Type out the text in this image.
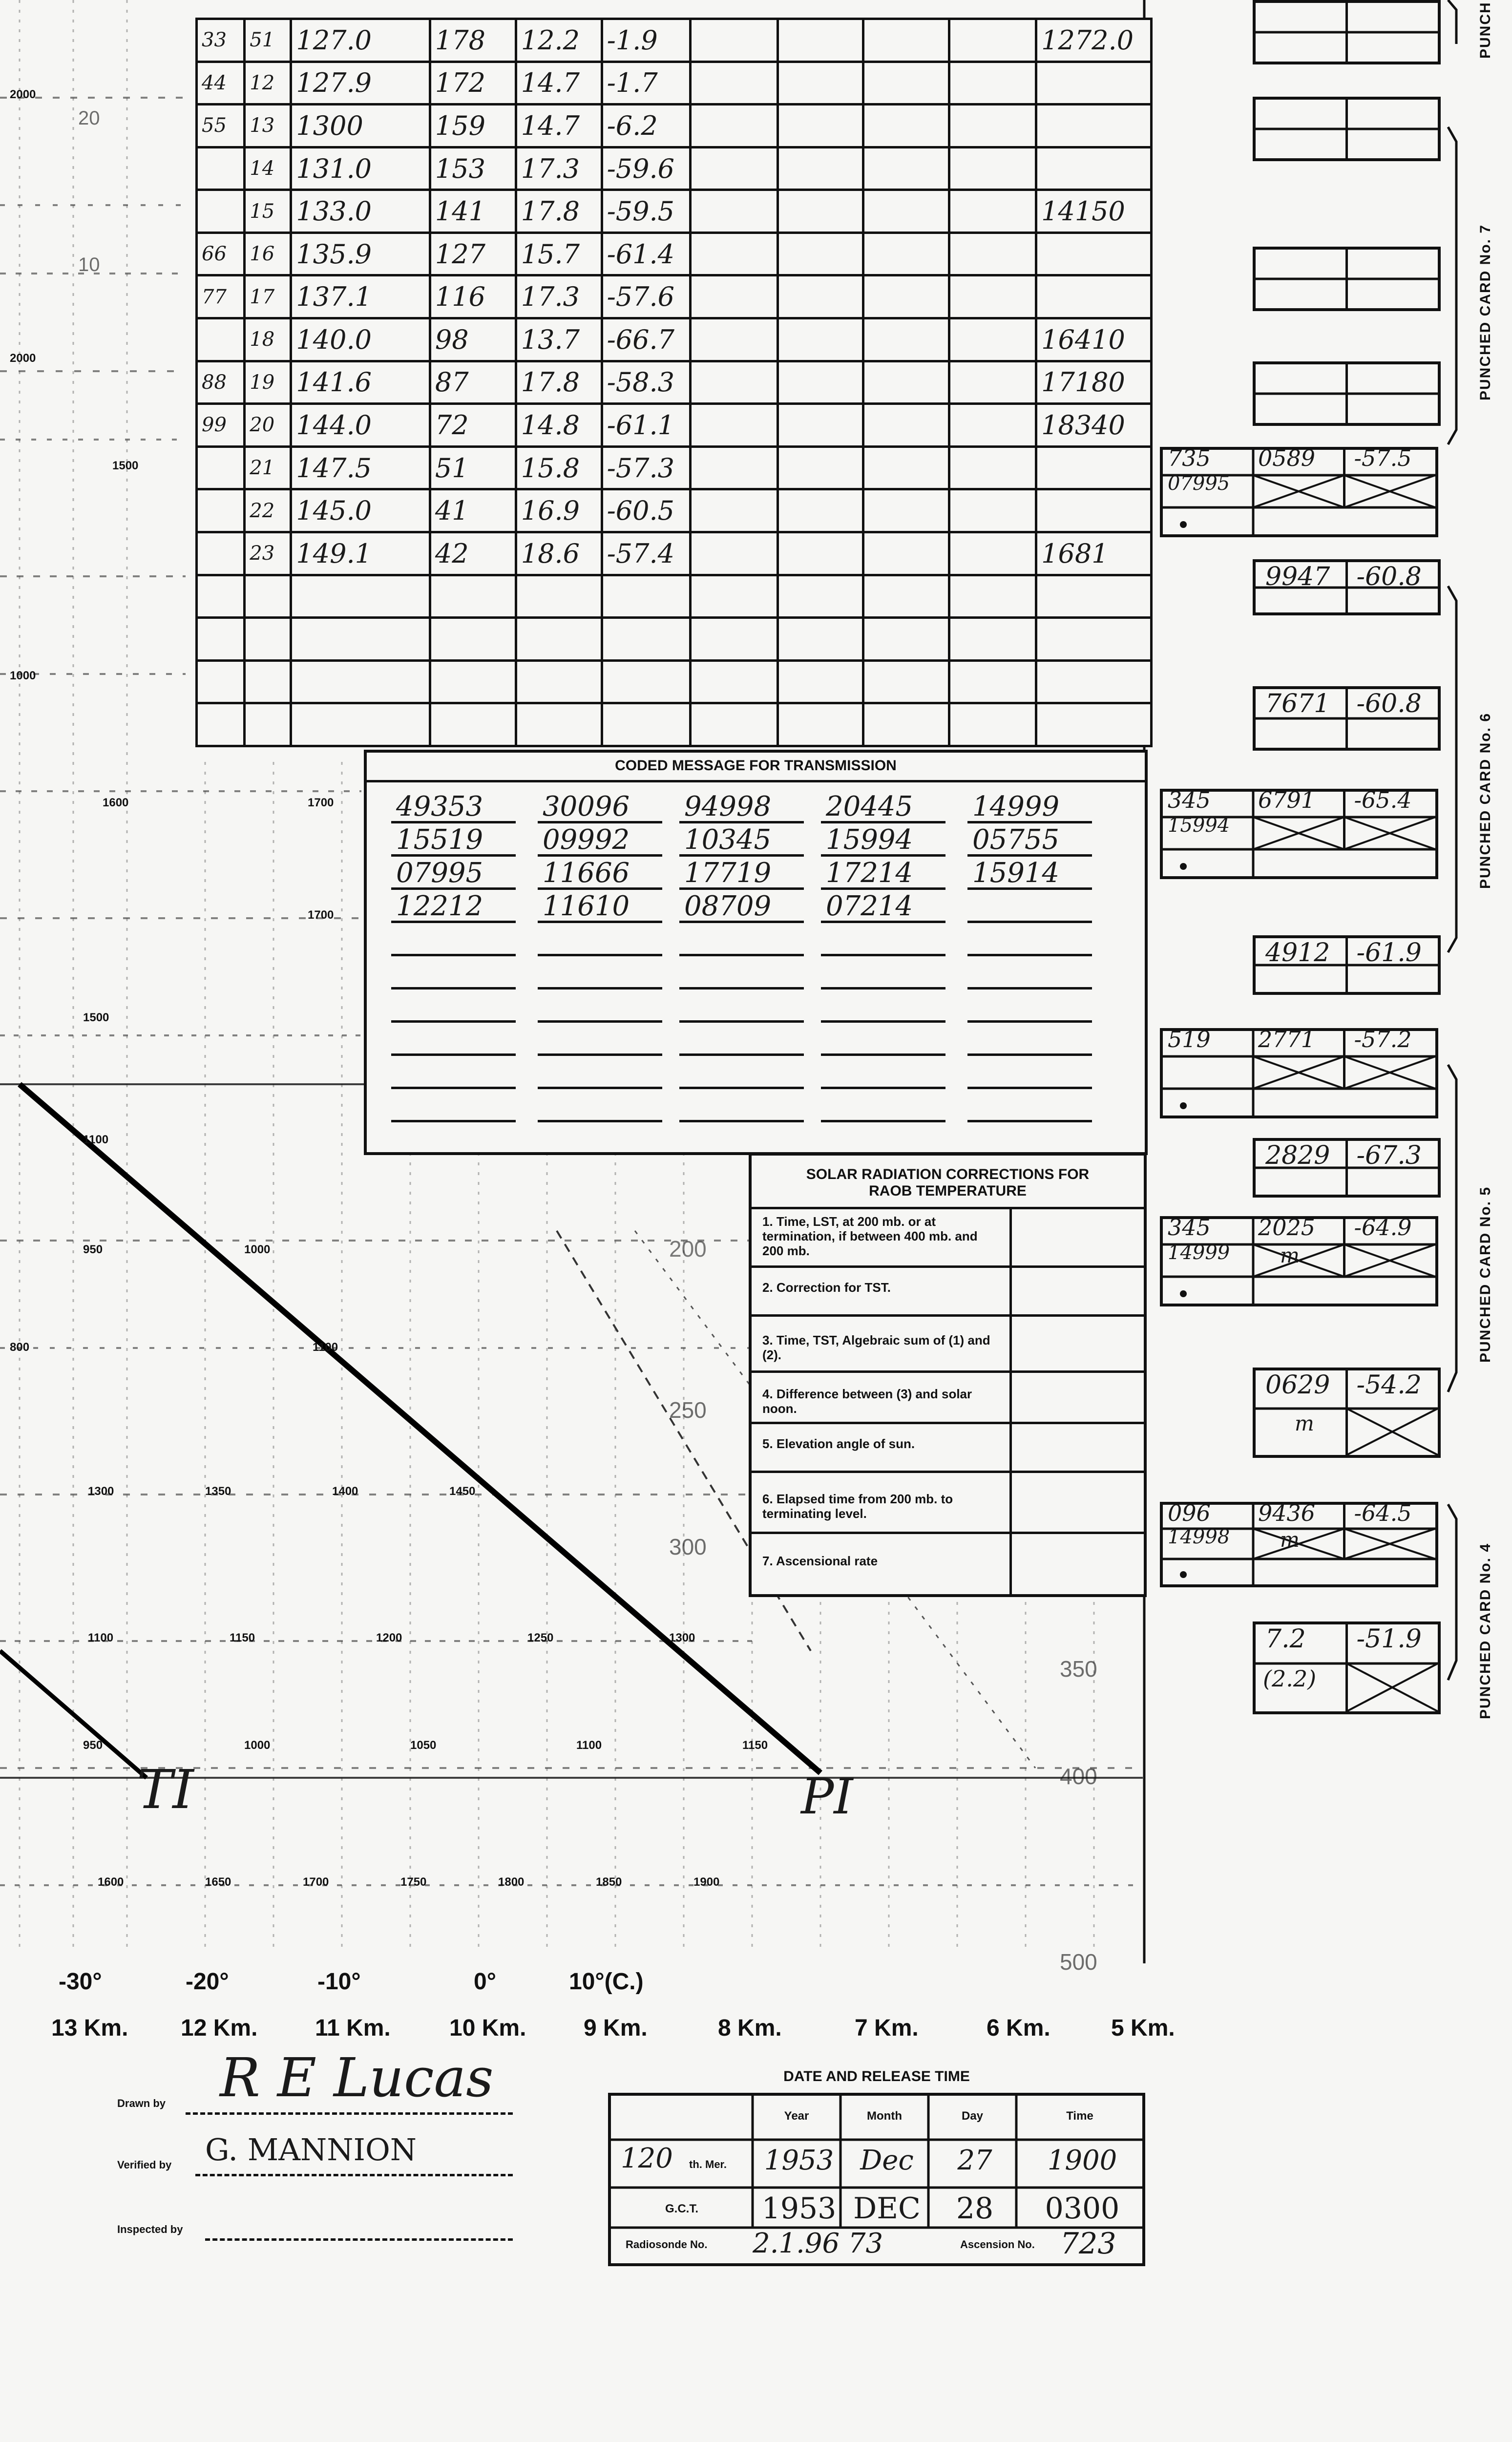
2000
20
10
2000
1500
1000
1600	1700
1700
1500
1100
950	1000
800	1100
1300	1350	1400	1450
1100	1150	1200	1250	1300
950	1000	1050	1100	1150
1600	1650	1700	1750	1800	1850	1900
200
250
300
350
400
500
TI	PI
33	51	127.0	178	12.2	-1.9					1272.0
44	12	127.9	172	14.7	-1.7					
55	13	1300	159	14.7	-6.2					
	14	131.0	153	17.3	-59.6					
	15	133.0	141	17.8	-59.5					14150
66	16	135.9	127	15.7	-61.4					
77	17	137.1	116	17.3	-57.6					
	18	140.0	98	13.7	-66.7					16410
88	19	141.6	87	17.8	-58.3					17180
99	20	144.0	72	14.8	-61.1					18340
	21	147.5	51	15.8	-57.3					
	22	145.0	41	16.9	-60.5					
	23	149.1	42	18.6	-57.4					1681

CODED MESSAGE FOR TRANSMISSION
49353 30096 94998 20445 14999
15519 09992 10345 15994 05755
07995 11666 17719 17214 15914
12212 11610 08709 07214
SOLAR RADIATION CORRECTIONS FOR
RAOB TEMPERATURE
1. Time, LST, at 200 mb. or at termination, if between 400 mb. and 200 mb.
2. Correction for TST.
3. Time, TST, Algebraic sum of (1) and (2).
4. Difference between (3) and solar noon.
5. Elevation angle of sun.
6. Elapsed time from 200 mb. to terminating level.
7. Ascensional rate
735 0589 -57.5
07995
9947 -60.8
7671 -60.8
345 6791 -65.4
15994
4912 -61.9
519 2771 -57.2
2829 -67.3
345 2025 -64.9
14999 m
0629 -54.2
m
096 9436 -64.5
14998 m
7.2 -51.9
(2.2)
PUNCHED CARD No. 7
PUNCHED CARD No. 6
PUNCHED CARD No. 5
PUNCHED CARD No. 4
PUNCH
-30°	-20°	-10°	0°	10°(C.)
13 Km. 12 Km. 11 Km.	10 Km. 9 Km.	8 Km.	7 Km.	6 Km.	5 Km.
Drawn by R E Lucas
Verified by G. MANNION
Inspected by
DATE AND RELEASE TIME
Year	Month	Day	Time
120 th. Mer. 1953 Dec	27	1900
G.C.T.	1953 DEC	28	0300
Radiosonde No. 2.1.96 73	Ascension No. 723
